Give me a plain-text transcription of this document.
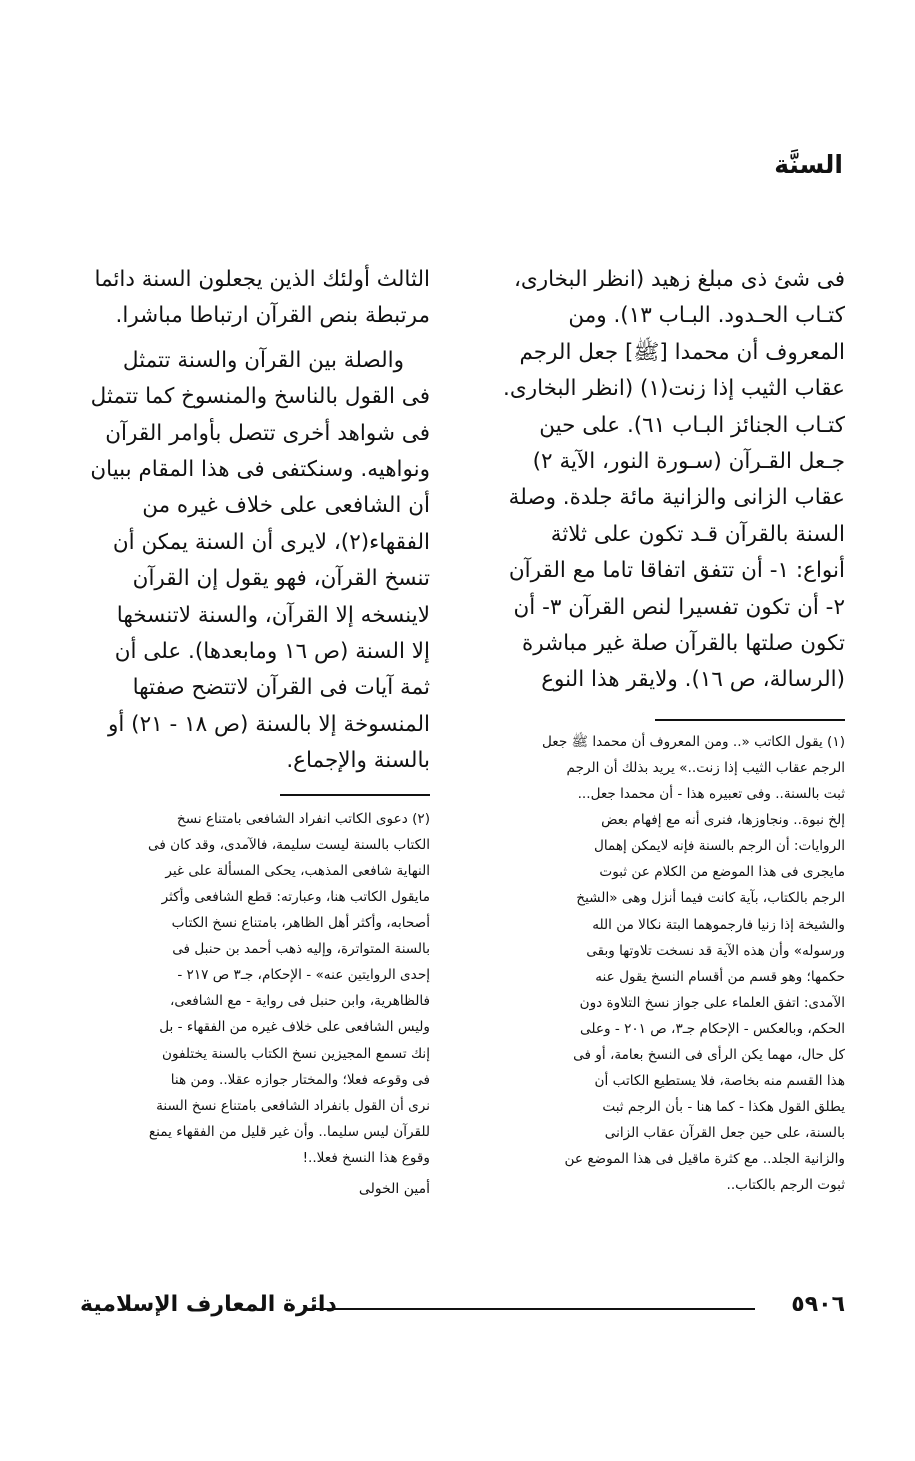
السنَّة
فى شئ ذى مبلغ زهيد (انظر البخارى،
كتـاب الحـدود. البـاب ١٣). ومن
المعروف أن محمدا [ﷺ] جعل الرجم
عقاب الثيب إذا زنت(١) (انظر البخارى.
كتـاب الجنائز البـاب ٦١). على حين
جـعل القـرآن (سـورة النور، الآية ٢)
عقاب الزانى والزانية مائة جلدة. وصلة
السنة بالقرآن قـد تكون على ثلاثة
أنواع: ١- أن تتفق اتفاقا تاما مع القرآن
٢- أن تكون تفسيرا لنص القرآن ٣- أن
تكون صلتها بالقرآن صلة غير مباشرة
(الرسالة، ص ١٦). ولايقر هذا النوع
(١) يقول الكاتب «.. ومن المعروف أن محمدا ﷺ جعل
الرجم عقاب الثيب إذا زنت..» يريد بذلك أن الرجم
ثبت بالسنة.. وفى تعبيره هذا - أن محمدا جعل...
إلخ نبوة.. ونجاوزها، فنرى أنه مع إفهام بعض
الروايات: أن الرجم بالسنة فإنه لايمكن إهمال
مايجرى فى هذا الموضع من الكلام عن ثبوت
الرجم بالكتاب، بآية كانت فيما أنزل وهى «الشيخ
والشيخة إذا زنيا فارجموهما البتة نكالا من الله
ورسوله» وأن هذه الآية قد نسخت تلاوتها وبقى
حكمها؛ وهو قسم من أقسام النسخ يقول عنه
الآمدى: اتفق العلماء على جواز نسخ التلاوة دون
الحكم، وبالعكس - الإحكام جـ٣، ص ٢٠١ - وعلى
كل حال، مهما يكن الرأى فى النسخ بعامة، أو فى
هذا القسم منه بخاصة، فلا يستطيع الكاتب أن
يطلق القول هكذا - كما هنا - بأن الرجم ثبت
بالسنة، على حين جعل القرآن عقاب الزانى
والزانية الجلد.. مع كثرة ماقيل فى هذا الموضع عن
ثبوت الرجم بالكتاب..
الثالث أولئك الذين يجعلون السنة دائما
مرتبطة بنص القرآن ارتباطا مباشرا.
والصلة بين القرآن والسنة تتمثل
فى القول بالناسخ والمنسوخ كما تتمثل
فى شواهد أخرى تتصل بأوامر القرآن
ونواهيه. وسنكتفى فى هذا المقام ببيان
أن الشافعى على خلاف غيره من
الفقهاء(٢)، لايرى أن السنة يمكن أن
تنسخ القرآن، فهو يقول إن القرآن
لاينسخه إلا القرآن، والسنة لاتنسخها
إلا السنة (ص ١٦ ومابعدها). على أن
ثمة آيات فى القرآن لاتتضح صفتها
المنسوخة إلا بالسنة (ص ١٨ - ٢١) أو
بالسنة والإجماع.
(٢) دعوى الكاتب انفراد الشافعى بامتناع نسخ
الكتاب بالسنة ليست سليمة، فالآمدى، وقد كان فى
النهاية شافعى المذهب، يحكى المسألة على غير
مايقول الكاتب هنا، وعبارته: قطع الشافعى وأكثر
أصحابه، وأكثر أهل الظاهر، بامتناع نسخ الكتاب
بالسنة المتواترة، وإليه ذهب أحمد بن حنبل فى
إحدى الروايتين عنه» - الإحكام، جـ٣ ص ٢١٧ -
فالظاهرية، وابن حنبل فى رواية - مع الشافعى،
وليس الشافعى على خلاف غيره من الفقهاء - بل
إنك تسمع المجيزين نسخ الكتاب بالسنة يختلفون
فى وقوعه فعلا؛ والمختار جوازه عقلا.. ومن هنا
نرى أن القول بانفراد الشافعى بامتناع نسخ السنة
للقرآن ليس سليما.. وأن غير قليل من الفقهاء يمنع
وقوع هذا النسخ فعلا..!
أمين الخولى
٥٩٠٦
دائرة المعارف الإسلامية
